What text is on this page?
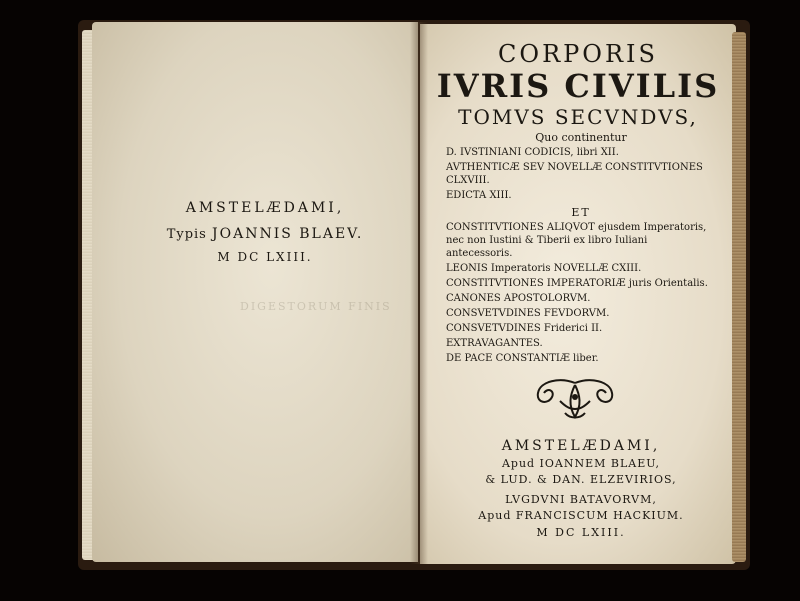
DIGESTORUM FINIS
AMSTELÆDAMI,
Typis JOANNIS BLAEV.
M DC LXIII.
CORPORIS
IVRIS CIVILIS
TOMVS SECVNDVS,
Quo continentur
D. IVSTINIANI CODICIS, libri XII.
AVTHENTICÆ SEV NOVELLÆ CONSTITVTIONES CLXVIII.
EDICTA XIII.
ET
CONSTITVTIONES ALIQVOT ejusdem Imperatoris, nec non Iustini & Tiberii ex libro Iuliani antecessoris.
LEONIS Imperatoris NOVELLÆ CXIII.
CONSTITVTIONES IMPERATORIÆ juris Orientalis.
CANONES APOSTOLORVM.
CONSVETVDINES FEVDORVM.
CONSVETVDINES Friderici II.
EXTRAVAGANTES.
DE PACE CONSTANTIÆ liber.
AMSTELÆDAMI,
Apud IOANNEM BLAEU,
& LUD. & DAN. ELZEVIRIOS,
LVGDVNI BATAVORVM,
Apud FRANCISCUM HACKIUM.
M DC LXIII.
